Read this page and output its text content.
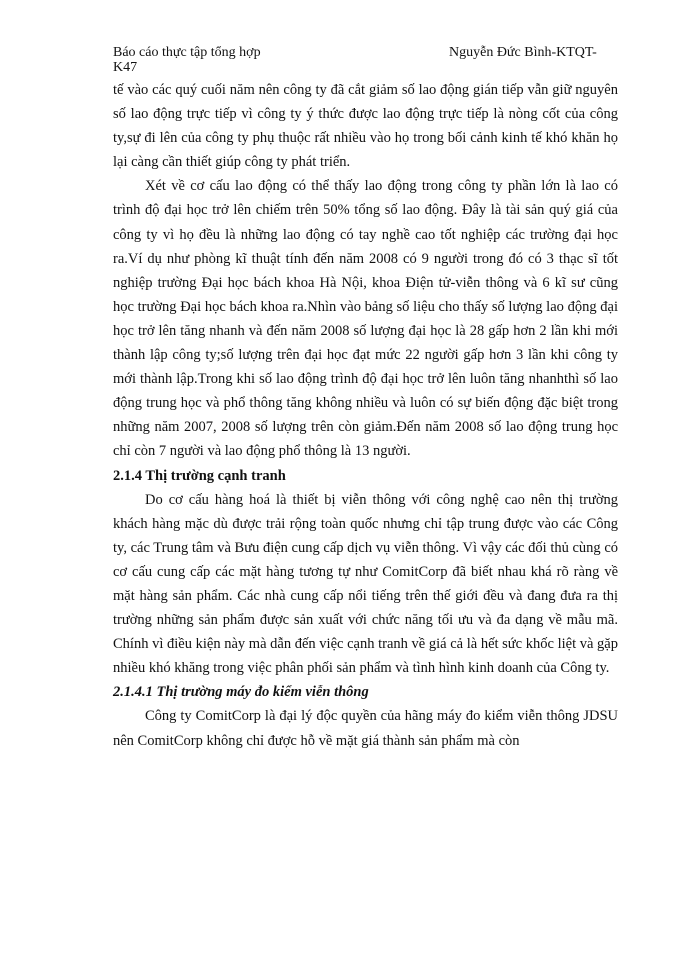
Báo cáo thực tập tổng hợp	Nguyễn Đức Bình-KTQT-
K47

tế vào các quý cuối năm nên công ty đã cắt giảm số lao động gián tiếp vẫn giữ nguyên số lao động trực tiếp vì công ty ý thức được lao động trực tiếp là nòng cốt của công ty,sự đi lên của công ty phụ thuộc rất nhiều vào họ trong bối cảnh kinh tế khó khăn họ lại càng cần thiết giúp công ty phát triển.

Xét về cơ cấu lao động có thể thấy lao động trong công ty phần lớn là lao có trình độ đại học trở lên chiếm trên 50% tổng số lao động. Đây là tài sản quý giá của công ty vì họ đều là những lao động có tay nghề cao tốt nghiệp các trường đại học ra.Ví dụ như phòng kĩ thuật tính đến năm 2008 có 9 người trong đó có 3 thạc sĩ tốt nghiệp trường Đại học bách khoa Hà Nội, khoa Điện tử-viễn thông và 6 kĩ sư cũng học trường Đại học bách khoa ra.Nhìn vào bảng số liệu cho thấy số lượng lao động đại học trở lên tăng nhanh và đến năm 2008 số lượng đại học là 28 gấp hơn 2 lần khi mới thành lập công ty;số lượng trên đại học đạt mức 22 người gấp hơn 3 lần khi công ty mới thành lập.Trong khi số lao động trình độ đại học trở lên luôn tăng nhanhthì số lao động trung học và phổ thông tăng không nhiều và luôn có sự biến động đặc biệt trong những năm 2007, 2008 số lượng trên còn giảm.Đến năm 2008 số lao động trung học chỉ còn 7 người và lao động phổ thông là 13 người.

2.1.4 Thị trường cạnh tranh

Do cơ cấu hàng hoá là thiết bị viễn thông với công nghệ cao nên thị trường khách hàng mặc dù được trải rộng toàn quốc nhưng chỉ tập trung được vào các Công ty, các Trung tâm và Bưu điện cung cấp dịch vụ viễn thông. Vì vậy các đối thủ cùng có cơ cấu cung cấp các mặt hàng tương tự như ComitCorp đã biết nhau khá rõ ràng về mặt hàng sản phẩm. Các nhà cung cấp nổi tiếng trên thế giới đều và đang đưa ra thị trường những sản phẩm được sản xuất với chức năng tối ưu và đa dạng về mẫu mã. Chính vì điều kiện này mà dẫn đến việc cạnh tranh về giá cả là hết sức khốc liệt và gặp nhiều khó khăng trong việc phân phối sản phẩm và tình hình kinh doanh của Công ty.

2.1.4.1 Thị trường máy đo kiểm viễn thông

Công ty ComitCorp là đại lý độc quyền của hãng máy đo kiểm viễn thông JDSU nên ComitCorp không chỉ được hỗ về mặt giá thành sản phẩm mà còn
